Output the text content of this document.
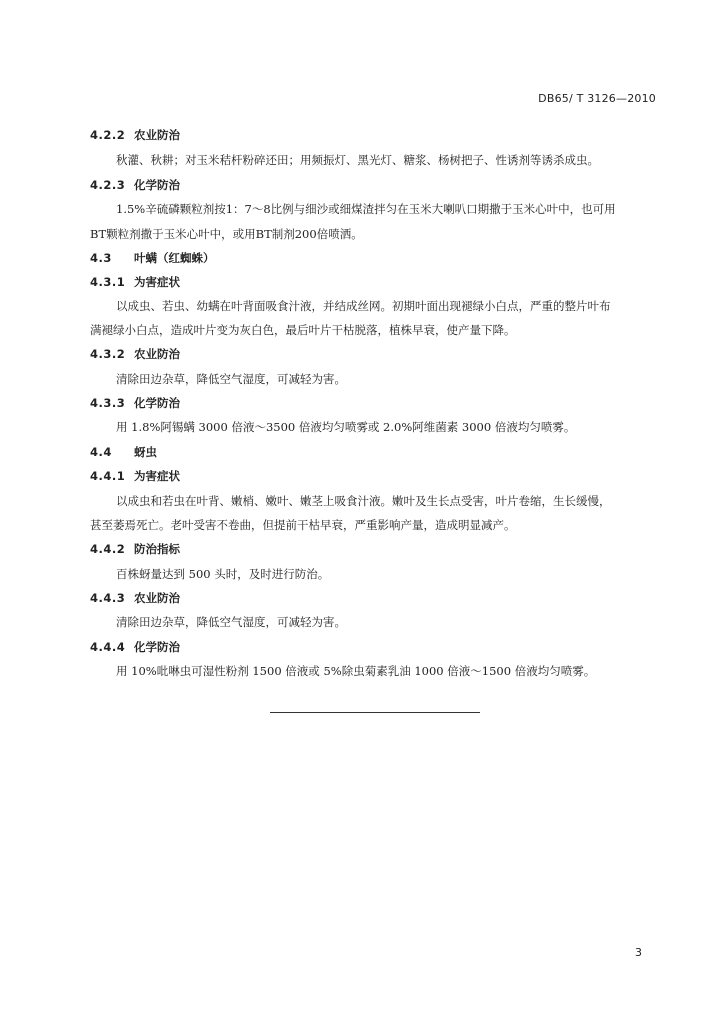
DB65/ T 3126—2010
4.2.2 农业防治
秋灌、秋耕；对玉米秸杆粉碎还田；用频振灯、黑光灯、糖浆、杨树把子、性诱剂等诱杀成虫。
4.2.3 化学防治
1.5%辛硫磷颗粒剂按1：7～8比例与细沙或细煤渣拌匀在玉米大喇叭口期撒于玉米心叶中，也可用
BT颗粒剂撒于玉米心叶中，或用BT制剂200倍喷洒。
4.3 叶螨（红蜘蛛）
4.3.1 为害症状
以成虫、若虫、幼螨在叶背面吸食汁液，并结成丝网。初期叶面出现褪绿小白点，严重的整片叶布
满褪绿小白点，造成叶片变为灰白色，最后叶片干枯脱落，植株早衰，使产量下降。
4.3.2 农业防治
清除田边杂草，降低空气湿度，可减轻为害。
4.3.3 化学防治
用 1.8%阿锡螨 3000 倍液～3500 倍液均匀喷雾或 2.0%阿维菌素 3000 倍液均匀喷雾。
4.4 蚜虫
4.4.1 为害症状
以成虫和若虫在叶背、嫩梢、嫩叶、嫩茎上吸食汁液。嫩叶及生长点受害，叶片卷缩，生长缓慢，
甚至萎焉死亡。老叶受害不卷曲，但提前干枯早衰，严重影响产量，造成明显减产。
4.4.2 防治指标
百株蚜量达到 500 头时，及时进行防治。
4.4.3 农业防治
清除田边杂草，降低空气湿度，可减轻为害。
4.4.4 化学防治
用 10%吡啉虫可湿性粉剂 1500 倍液或 5%除虫菊素乳油 1000 倍液～1500 倍液均匀喷雾。
3
